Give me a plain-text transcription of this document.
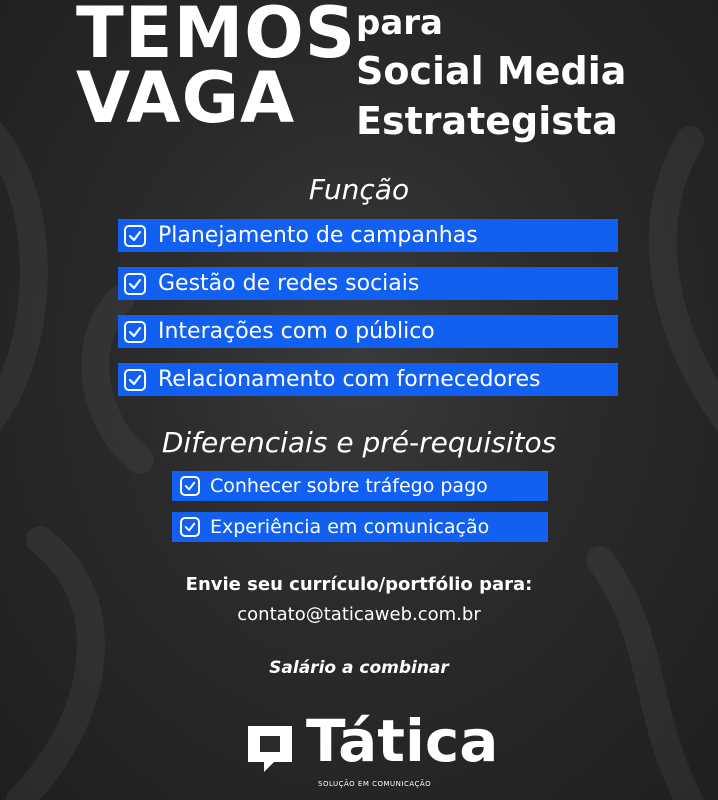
TEMOS
VAGA
para
Social Media
Estrategista
Função
Planejamento de campanhas
Gestão de redes sociais
Interações com o público
Relacionamento com fornecedores
Diferenciais e pré-requisitos
Conhecer sobre tráfego pago
Experiência em comunicação
Envie seu currículo/portfólio para:
contato@taticaweb.com.br
Salário a combinar
Tática
SOLUÇÃO EM COMUNICAÇÃO
